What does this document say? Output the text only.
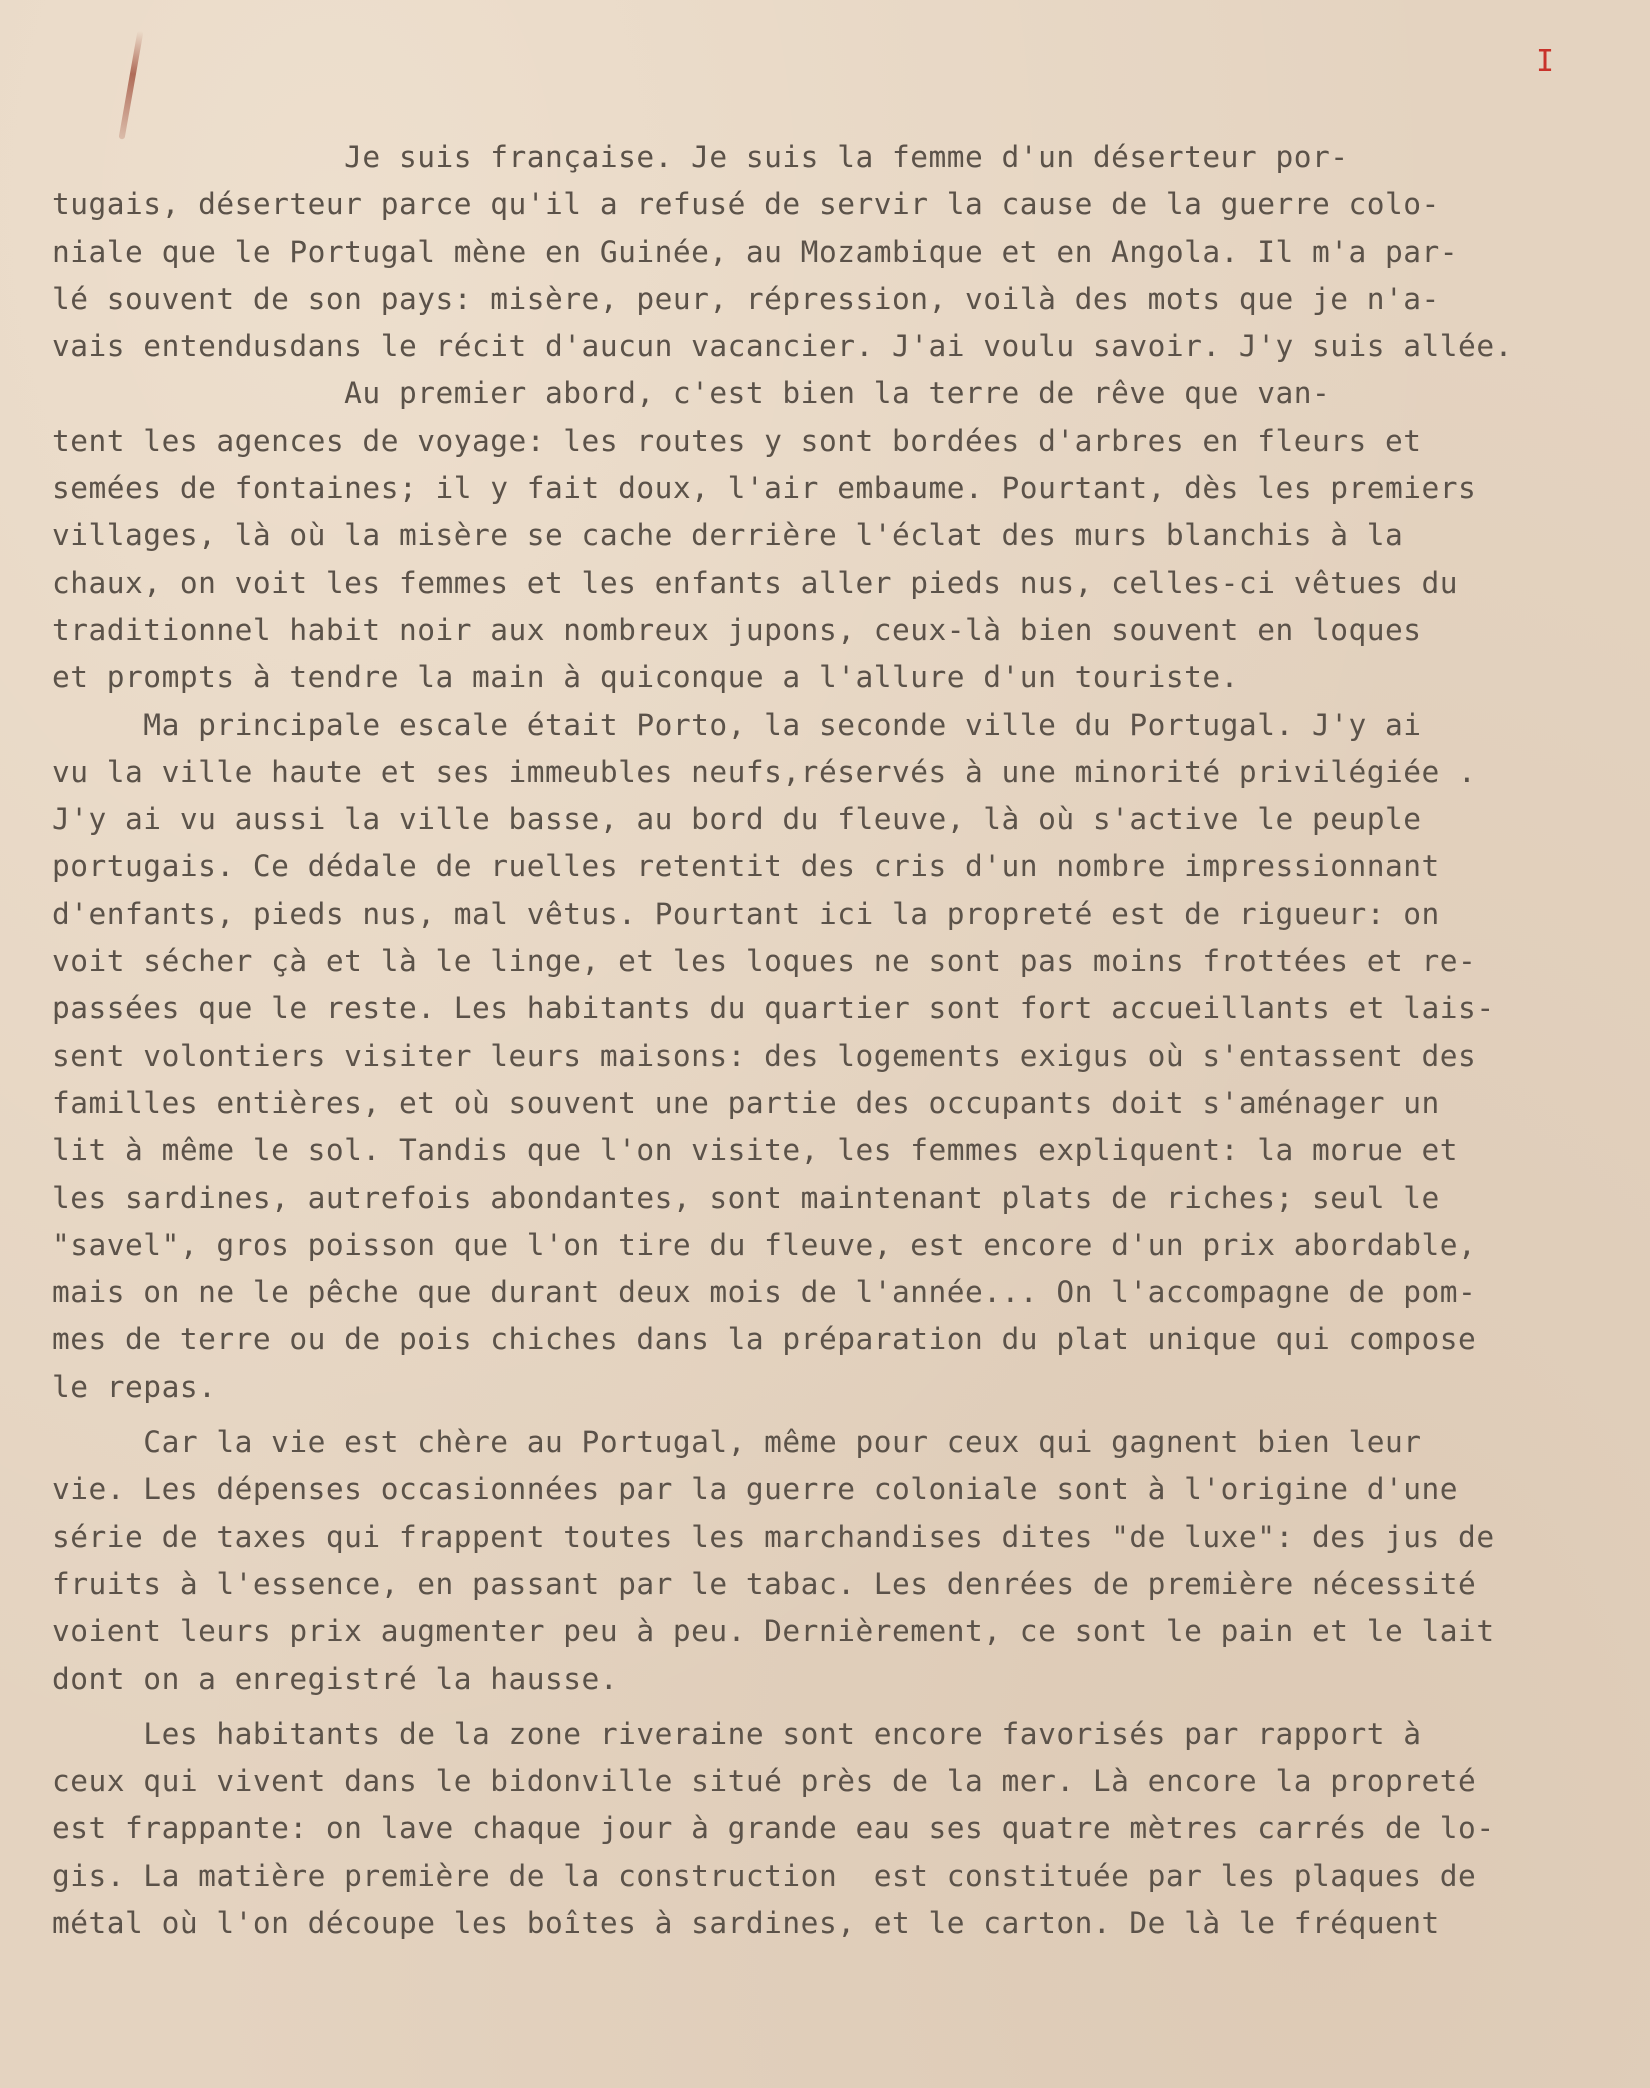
I
Je suis française. Je suis la femme d'un déserteur por-
tugais, déserteur parce qu'il a refusé de servir la cause de la guerre colo-
niale que le Portugal mène en Guinée, au Mozambique et en Angola. Il m'a par-
lé souvent de son pays: misère, peur, répression, voilà des mots que je n'a-
vais entendusdans le récit d'aucun vacancier. J'ai voulu savoir. J'y suis allée.
Au premier abord, c'est bien la terre de rêve que van-
tent les agences de voyage: les routes y sont bordées d'arbres en fleurs et
semées de fontaines; il y fait doux, l'air embaume. Pourtant, dès les premiers
villages, là où la misère se cache derrière l'éclat des murs blanchis à la
chaux, on voit les femmes et les enfants aller pieds nus, celles-ci vêtues du
traditionnel habit noir aux nombreux jupons, ceux-là bien souvent en loques
et prompts à tendre la main à quiconque a l'allure d'un touriste.
Ma principale escale était Porto, la seconde ville du Portugal. J'y ai
vu la ville haute et ses immeubles neufs,réservés à une minorité privilégiée .
J'y ai vu aussi la ville basse, au bord du fleuve, là où s'active le peuple
portugais. Ce dédale de ruelles retentit des cris d'un nombre impressionnant
d'enfants, pieds nus, mal vêtus. Pourtant ici la propreté est de rigueur: on
voit sécher çà et là le linge, et les loques ne sont pas moins frottées et re-
passées que le reste. Les habitants du quartier sont fort accueillants et lais-
sent volontiers visiter leurs maisons: des logements exigus où s'entassent des
familles entières, et où souvent une partie des occupants doit s'aménager un
lit à même le sol. Tandis que l'on visite, les femmes expliquent: la morue et
les sardines, autrefois abondantes, sont maintenant plats de riches; seul le
"savel", gros poisson que l'on tire du fleuve, est encore d'un prix abordable,
mais on ne le pêche que durant deux mois de l'année... On l'accompagne de pom-
mes de terre ou de pois chiches dans la préparation du plat unique qui compose
le repas.
Car la vie est chère au Portugal, même pour ceux qui gagnent bien leur
vie. Les dépenses occasionnées par la guerre coloniale sont à l'origine d'une
série de taxes qui frappent toutes les marchandises dites "de luxe": des jus de
fruits à l'essence, en passant par le tabac. Les denrées de première nécessité
voient leurs prix augmenter peu à peu. Dernièrement, ce sont le pain et le lait
dont on a enregistré la hausse.
Les habitants de la zone riveraine sont encore favorisés par rapport à
ceux qui vivent dans le bidonville situé près de la mer. Là encore la propreté
est frappante: on lave chaque jour à grande eau ses quatre mètres carrés de lo-
gis. La matière première de la construction  est constituée par les plaques de
métal où l'on découpe les boîtes à sardines, et le carton. De là le fréquent
